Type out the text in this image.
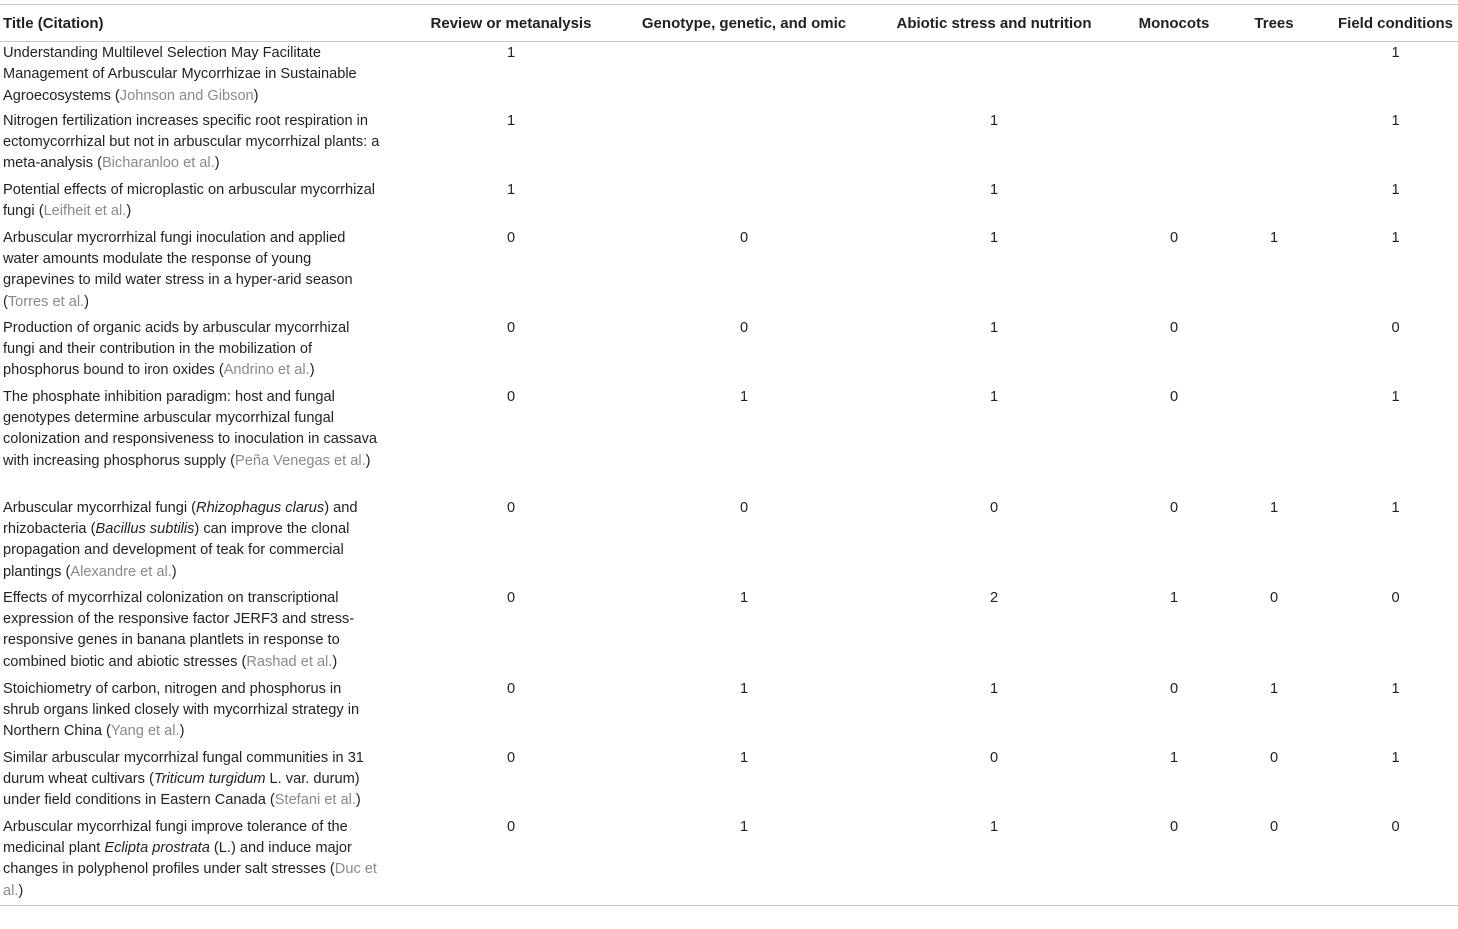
Title (Citation)	Review or metanalysis	Genotype, genetic, and omic	Abiotic stress and nutrition	Monocots	Trees	Field conditions
Understanding Multilevel Selection May Facilitate Management of Arbuscular Mycorrhizae in Sustainable Agroecosystems (Johnson and Gibson)	1					1
Nitrogen fertilization increases specific root respiration in ectomycorrhizal but not in arbuscular mycorrhizal plants: a meta-analysis (Bicharanloo et al.)	1		1			1
Potential effects of microplastic on arbuscular mycorrhizal fungi (Leifheit et al.)	1		1			1
Arbuscular mycrorrhizal fungi inoculation and applied water amounts modulate the response of young grapevines to mild water stress in a hyper-arid season (Torres et al.)	0	0	1	0	1	1
Production of organic acids by arbuscular mycorrhizal fungi and their contribution in the mobilization of phosphorus bound to iron oxides (Andrino et al.)	0	0	1	0		0
The phosphate inhibition paradigm: host and fungal genotypes determine arbuscular mycorrhizal fungal colonization and responsiveness to inoculation in cassava with increasing phosphorus supply (Peña Venegas et al.)	0	1	1	0		1
Arbuscular mycorrhizal fungi (Rhizophagus clarus) and rhizobacteria (Bacillus subtilis) can improve the clonal propagation and development of teak for commercial plantings (Alexandre et al.)	0	0	0	0	1	1
Effects of mycorrhizal colonization on transcriptional expression of the responsive factor JERF3 and stress-responsive genes in banana plantlets in response to combined biotic and abiotic stresses (Rashad et al.)	0	1	2	1	0	0
Stoichiometry of carbon, nitrogen and phosphorus in shrub organs linked closely with mycorrhizal strategy in Northern China (Yang et al.)	0	1	1	0	1	1
Similar arbuscular mycorrhizal fungal communities in 31 durum wheat cultivars (Triticum turgidum L. var. durum) under field conditions in Eastern Canada (Stefani et al.)	0	1	0	1	0	1
Arbuscular mycorrhizal fungi improve tolerance of the medicinal plant Eclipta prostrata (L.) and induce major changes in polyphenol profiles under salt stresses (Duc et al.)	0	1	1	0	0	0
